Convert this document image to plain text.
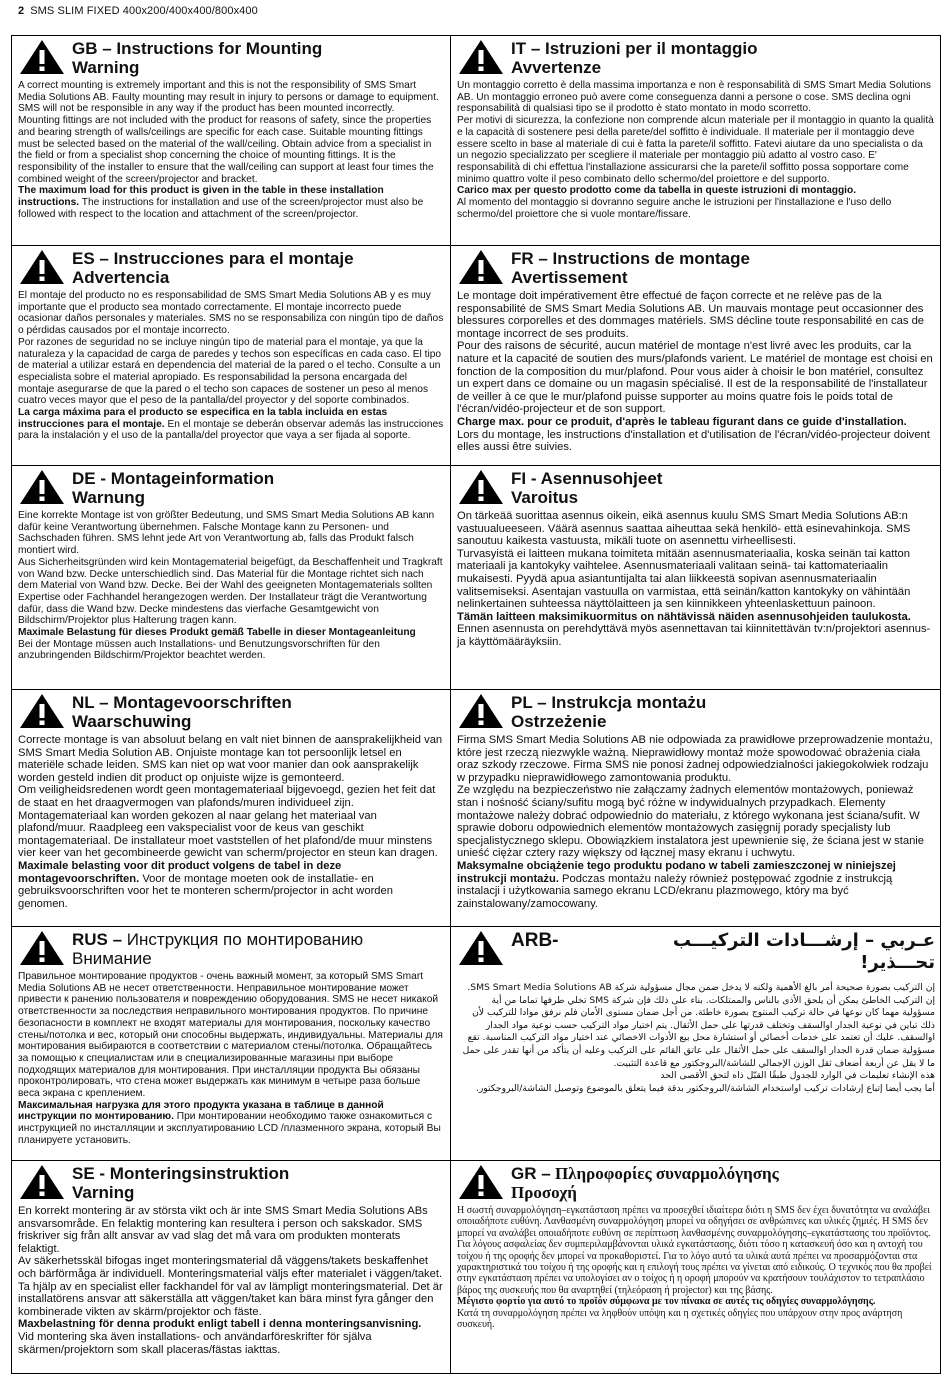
2 SMS SLIM FIXED 400x200/400x400/800x400
GB – Instructions for Mounting
Warning

A correct mounting is extremely important and this is not the responsibility of SMS Smart Media Solutions AB. Faulty mounting may result in injury to persons or damage to equipment. SMS will not be responsible in any way if the product has been mounted incorrectly.

Mounting fittings are not included with the product for reasons of safety, since the properties and bearing strength of walls/ceilings are specific for each case. Suitable mounting fittings must be selected based on the material of the wall/ceiling. Obtain advice from a specialist in the field or from a specialist shop concerning the choice of mounting fittings. It is the responsibility of the installer to ensure that the wall/ceiling can support at least four times the combined weight of the screen/projector and bracket.

The maximum load for this product is given in the table in these installation instructions. The instructions for installation and use of the screen/projector must also be followed with respect to the location and attachment of the screen/projector.

IT – Istruzioni per il montaggio
Avvertenze

Un montaggio corretto è della massima importanza e non è responsabilità di SMS Smart Media Solutions AB. Un montaggio erroneo può avere come conseguenza danni a persone o cose. SMS declina ogni responsabilità di qualsiasi tipo se il prodotto è stato montato in modo scorretto.

Per motivi di sicurezza, la confezione non comprende alcun materiale per il montaggio in quanto la qualità e la capacità di sostenere pesi della parete/del soffitto è individuale. Il materiale per il montaggio deve essere scelto in base al materiale di cui è fatta la parete/il soffitto. Fatevi aiutare da uno specialista o da un negozio specializzato per scegliere il materiale per montaggio più adatto al vostro caso. E' responsabilità di chi effettua l'installazione assicurarsi che la parete/il soffitto possa sopportare come minimo quattro volte il peso combinato dello schermo/del proiettore e del supporto.

Carico max per questo prodotto come da tabella in queste istruzioni di montaggio.

Al momento del montaggio si dovranno seguire anche le istruzioni per l'installazione e l'uso dello schermo/del proiettore che si vuole montare/fissare.

ES – Instrucciones para el montaje
Advertencia

El montaje del producto no es responsabilidad de SMS Smart Media Solutions AB y es muy importante que el producto sea montado correctamente. El montaje incorrecto puede ocasionar daños personales y materiales. SMS no se responsabiliza con ningún tipo de daños o pérdidas causados por el montaje incorrecto.

Por razones de seguridad no se incluye ningún tipo de material para el montaje, ya que la naturaleza y la capacidad de carga de paredes y techos son específicas en cada caso. El tipo de material a utilizar estará en dependencia del material de la pared o el techo. Consulte a un especialista sobre el material apropiado. Es responsabilidad la persona encargada del montaje asegurarse de que la pared o el techo son capaces de sostener un peso al menos cuatro veces mayor que el peso de la pantalla/del proyector y del soporte combinados.

La carga máxima para el producto se especifica en la tabla incluida en estas instrucciones para el montaje. En el montaje se deberán observar además las instrucciones para la instalación y el uso de la pantalla/del proyector que vaya a ser fijada al soporte.

FR – Instructions de montage
Avertissement

Le montage doit impérativement être effectué de façon correcte et ne relève pas de la responsabilité de SMS Smart Media Solutions AB. Un mauvais montage peut occasionner des blessures corporelles et des dommages matériels. SMS décline toute responsabilité en cas de montage incorrect de ses produits.

Pour des raisons de sécurité, aucun matériel de montage n'est livré avec les produits, car la nature et la capacité de soutien des murs/plafonds varient. Le matériel de montage est choisi en fonction de la composition du mur/plafond. Pour vous aider à choisir le bon matériel, consultez un expert dans ce domaine ou un magasin spécialisé. Il est de la responsabilité de l'installateur de veiller à ce que le mur/plafond puisse supporter au moins quatre fois le poids total de l'écran/vidéo-projecteur et de son support.

Charge max. pour ce produit, d'après le tableau figurant dans ce guide d'installation.

Lors du montage, les instructions d'installation et d'utilisation de l'écran/vidéo-projecteur doivent elles aussi être suivies.

DE - Montageinformation
Warnung

Eine korrekte Montage ist von größter Bedeutung, und SMS Smart Media Solutions AB kann dafür keine Verantwortung übernehmen. Falsche Montage kann zu Personen- und Sachschaden führen. SMS lehnt jede Art von Verantwortung ab, falls das Produkt falsch montiert wird.

Aus Sicherheitsgründen wird kein Montagematerial beigefügt, da Beschaffenheit und Tragkraft von Wand bzw. Decke unterschiedlich sind. Das Material für die Montage richtet sich nach dem Material von Wand bzw. Decke. Bei der Wahl des geeigneten Montagematerials sollten Expertise oder Fachhandel herangezogen werden. Der Installateur trägt die Verantwortung dafür, dass die Wand bzw. Decke mindestens das vierfache Gesamtgewicht von Bildschirm/Projektor plus Halterung tragen kann.

Maximale Belastung für dieses Produkt gemäß Tabelle in dieser Montageanleitung

Bei der Montage müssen auch Installations- und Benutzungsvorschriften für den anzubringenden Bildschirm/Projektor beachtet werden.

FI - Asennusohjeet
Varoitus

On tärkeää suorittaa asennus oikein, eikä asennus kuulu SMS Smart Media Solutions AB:n vastuualueeseen. Väärä asennus saattaa aiheuttaa sekä henkilö- että esinevahinkoja. SMS sanoutuu kaikesta vastuusta, mikäli tuote on asennettu virheellisesti.

Turvasyistä ei laitteen mukana toimiteta mitään asennusmateriaalia, koska seinän tai katton materiaali ja kantokyky vaihtelee. Asennusmateriaali valitaan seinä- tai kattomateriaalin mukaisesti. Pyydä apua asiantuntijalta tai alan liikkeestä sopivan asennusmateriaalin valitsemiseksi. Asentajan vastuulla on varmistaa, että seinän/katton kantokyky on vähintään nelinkertainen suhteessa näyttölaitteen ja sen kiinnikkeen yhteenlaskettuun painoon.

Tämän laitteen maksimikuormitus on nähtävissä näiden asennusohjeiden taulukosta.

Ennen asennusta on perehdyttävä myös asennettavan tai kiinnitettävän tv:n/projektori asennus- ja käyttömääräyksiin.

NL – Montagevoorschriften
Waarschuwing

Correcte montage is van absoluut belang en valt niet binnen de aansprakelijkheid van SMS Smart Media Solution AB. Onjuiste montage kan tot persoonlijk letsel en materiële schade leiden. SMS kan niet op wat voor manier dan ook aansprakelijk worden gesteld indien dit product op onjuiste wijze is gemonteerd.

Om veiligheidsredenen wordt geen montagemateriaal bijgevoegd, gezien het feit dat de staat en het draagvermogen van plafonds/muren individueel zijn. Montagemateriaal kan worden gekozen al naar gelang het materiaal van plafond/muur. Raadpleeg een vakspecialist voor de keus van geschikt montagemateriaal. De installateur moet vaststellen of het plafond/de muur minstens vier keer van het gecombineerde gewicht van scherm/projector en steun kan dragen.

Maximale belasting voor dit product volgens de tabel in deze montagevoorschriften. Voor de montage moeten ook de installatie- en gebruiksvoorschriften voor het te monteren scherm/projector in acht worden genomen.

PL – Instrukcja montażu
Ostrzeżenie

Firma SMS Smart Media Solutions AB nie odpowiada za prawidłowe przeprowadzenie montażu, które jest rzeczą niezwykle ważną. Nieprawidłowy montaż może spowodować obrażenia ciała oraz szkody rzeczowe. Firma SMS nie ponosi żadnej odpowiedzialności jakiegokolwiek rodzaju w przypadku nieprawidłowego zamontowania produktu.

Ze względu na bezpieczeństwo nie załączamy żadnych elementów montażowych, ponieważ stan i nośność ściany/sufitu mogą być różne w indywidualnych przypadkach. Elementy montażowe należy dobrać odpowiednio do materiału, z którego wykonana jest ściana/sufit. W sprawie doboru odpowiednich elementów montażowych zasięgnij porady specjalisty lub specjalistycznego sklepu. Obowiązkiem instalatora jest upewnienie się, że ściana jest w stanie unieść ciężar cztery razy większy od łącznej masy ekranu i uchwytu.

Maksymalne obciążenie tego produktu podano w tabeli zamieszczonej w niniejszej instrukcji montażu. Podczas montażu należy również postępować zgodnie z instrukcją instalacji i użytkowania samego ekranu LCD/ekranu plazmowego, który ma być zainstalowany/zamocowany.

RUS – Инструкция по монтированию
Внимание

Правильное монтирование продуктов - очень важный момент, за который SMS Smart Media Solutions AB не несет ответственности. Неправильное монтирование может привести к ранению пользователя и повреждению оборудования. SMS не несет никакой ответственности за последствия неправильного монтирования продуктов. По причине безопасности в комплект не входят материалы для монтирования, поскольку качество стены/потолка и вес, который они способны выдержать, индивидуальны. Материалы для монтирования выбираются в соответствии с материалом стены/потолка. Обращайтесь за помощью к специалистам или в специализированные магазины при выборе подходящих материалов для монтирования. При инсталляции продукта Вы обязаны проконтролировать, что стена может выдержать как минимум в четыре раза больше веса экрана с креплением.

Максимальная нагрузка для этого продукта указана в таблице в данной инструкции по монтированию. При монтировании необходимо также ознакомиться с инструкцией по инсталляции и эксплуатированию LCD /плазменного экрана, который Вы планируете установить.

ARB-	عـربي – إرشـــادات التركيـــب
تحـــذير!

إن التركيب بصورة صحيحة أمر بالغ الأهمية ولكنه لا يدخل ضمن مجال مسؤولية شركة SMS Smart Media Solutions AB. إن التركيب الخاطئ يمكن أن يلحق الأذى بالناس والممتلكات. بناء على ذلك فإن شركة SMS تخلي طرفها تماما من أية مسؤولية مهما كان نوعها في حالة تركيب المنتوج بصورة خاطئة. من أجل ضمان مستوى الأمان فلم نرفق موادا للتركيب لأن ذلك تباين في نوعية الجدار اوالسقف وتختلف قدرتها على حمل الأثقال. يتم اختيار مواد التركيب حسب نوعية مواد الجدار اوالسقف. عليك أن تعتمد على خدمات أخصائي أو استشارة محل بيع الأدوات الاخصائي عند اختيار مواد التركيب المناسبة. تقع مسؤولية ضمان قدرة الجدار اوالسقف على حمل الأثقال على عاتق القائم على التركيب وعليه أن يتأكد من أنها تقدر على حمل ما لا يقل عن أربعة أضعاف ثقل الوزن الإجمالي للشاشة/البروجكتور مع قاعدة التثبيت.

هذه الإنشاء تعليمات في الوارد للجدول طبقًا القبّل ذاه لتحق الأقصى الحد

أما يجب أيضا إتباع إرشادات تركيب اواستخدام الشاشة/البروجكتور بدقة فيما يتعلق بالموضوع وتوصيل الشاشة/البروجكتور.

SE - Monteringsinstruktion
Varning

En korrekt montering är av största vikt och är inte SMS Smart Media Solutions ABs ansvarsområde. En felaktig montering kan resultera i person och sakskador. SMS friskriver sig från allt ansvar av vad slag det må vara om produkten monterats felaktigt.

Av säkerhetsskäl bifogas inget monteringsmaterial då väggens/takets beskaffenhet och bärförmåga är individuell. Monteringsmaterial väljs efter materialet i väggen/taket. Ta hjälp av en specialist eller fackhandel för val av lämpligt monteringsmaterial. Det är installatörens ansvar att säkerställa att väggen/taket kan bära minst fyra gånger den kombinerade vikten av skärm/projektor och fäste.

Maxbelastning för denna produkt enligt tabell i denna monteringsanvisning.

Vid montering ska även installations- och användarföreskrifter för själva skärmen/projektorn som skall placeras/fästas iakttas.

GR – Πληροφορίες συναρμολόγησης
Προσοχή

Η σωστή συναρμολόγηση–εγκατάσταση πρέπει να προσεχθεί ιδιαίτερα διότι η SMS δεν έχει δυνατότητα να αναλάβει οποιαδήποτε ευθύνη. Λανθασμένη συναρμολόγηση μπορεί να οδηγήσει σε ανθρώπινες και υλικές ζημιές. Η SMS δεν μπορεί να αναλάβει οποιαδήποτε ευθύνη σε περίπτωση λανθασμένης συναρμολόγησης–εγκατάστασης του προϊόντος.

Για λόγους ασφαλείας δεν συμπεριλαμβάνονται υλικά εγκατάστασης, διότι τόσο η κατασκευή όσο και η αντοχή του τοίχου ή της οροφής δεν μπορεί να προκαθοριστεί. Για το λόγο αυτό τα υλικά αυτά πρέπει να προσαρμόζονται στα χαρακτηριστικά του τοίχου ή της οροφής και η επιλογή τους πρέπει να γίνεται από ειδικούς. Ο τεχνικός που θα προβεί στην εγκατάσταση πρέπει να υπολογίσει αν ο τοίχος ή η οροφή μπορούν να κρατήσουν τουλάχιστον το τετραπλάσιο βάρος της συσκευής που θα αναρτηθεί (τηλεόραση ή projector) και της βάσης.

Μέγιστο φορτίο για αυτό το προϊόν σύμφωνα με τον πίνακα σε αυτές τις οδηγίες συναρμολόγησης.

Κατά τη συναρμολόγηση πρέπει να ληφθούν υπόψη και η σχετικές οδηγίες που υπάρχουν στην προς ανάρτηση συσκευή.
